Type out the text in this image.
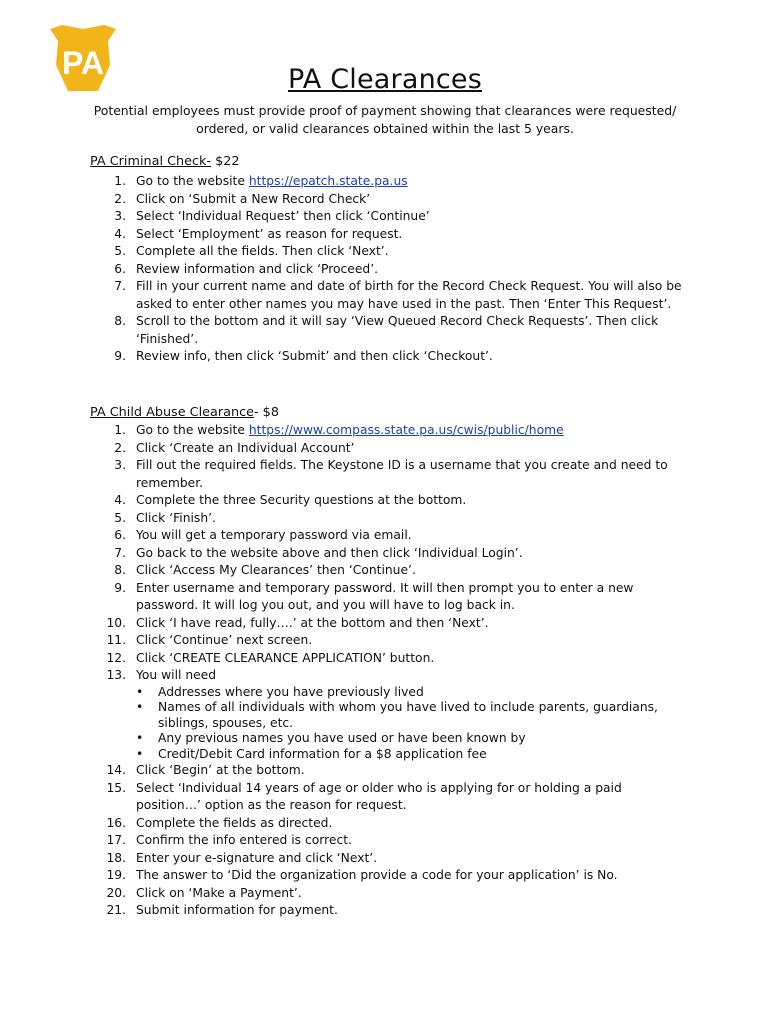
PA	PA Clearances
Potential employees must provide proof of payment showing that clearances were requested/ ordered, or valid clearances obtained within the last 5 years.
PA Criminal Check- $22
1. Go to the website https://epatch.state.pa.us
2. Click on ‘Submit a New Record Check’
3. Select ‘Individual Request’ then click ‘Continue’
4. Select ‘Employment’ as reason for request.
5. Complete all the fields. Then click ‘Next’.
6. Review information and click ‘Proceed’.
7. Fill in your current name and date of birth for the Record Check Request. You will also be asked to enter other names you may have used in the past. Then ‘Enter This Request’.
8. Scroll to the bottom and it will say ‘View Queued Record Check Requests’. Then click ‘Finished’.
9. Review info, then click ‘Submit’ and then click ‘Checkout’.
PA Child Abuse Clearance- $8
1. Go to the website https://www.compass.state.pa.us/cwis/public/home
2. Click ‘Create an Individual Account’
3. Fill out the required fields. The Keystone ID is a username that you create and need to remember.
4. Complete the three Security questions at the bottom.
5. Click ‘Finish’.
6. You will get a temporary password via email.
7. Go back to the website above and then click ‘Individual Login’.
8. Click ‘Access My Clearances’ then ‘Continue’.
9. Enter username and temporary password. It will then prompt you to enter a new password. It will log you out, and you will have to log back in.
10. Click ‘I have read, fully….’ at the bottom and then ‘Next’.
11. Click ‘Continue’ next screen.
12. Click ‘CREATE CLEARANCE APPLICATION’ button.
13. You will need
• Addresses where you have previously lived
• Names of all individuals with whom you have lived to include parents, guardians, siblings, spouses, etc.
• Any previous names you have used or have been known by
• Credit/Debit Card information for a $8 application fee
14. Click ‘Begin’ at the bottom.
15. Select ‘Individual 14 years of age or older who is applying for or holding a paid position…’ option as the reason for request.
16. Complete the fields as directed.
17. Confirm the info entered is correct.
18. Enter your e-signature and click ‘Next’.
19. The answer to ‘Did the organization provide a code for your application’ is No.
20. Click on ‘Make a Payment’.
21. Submit information for payment.
